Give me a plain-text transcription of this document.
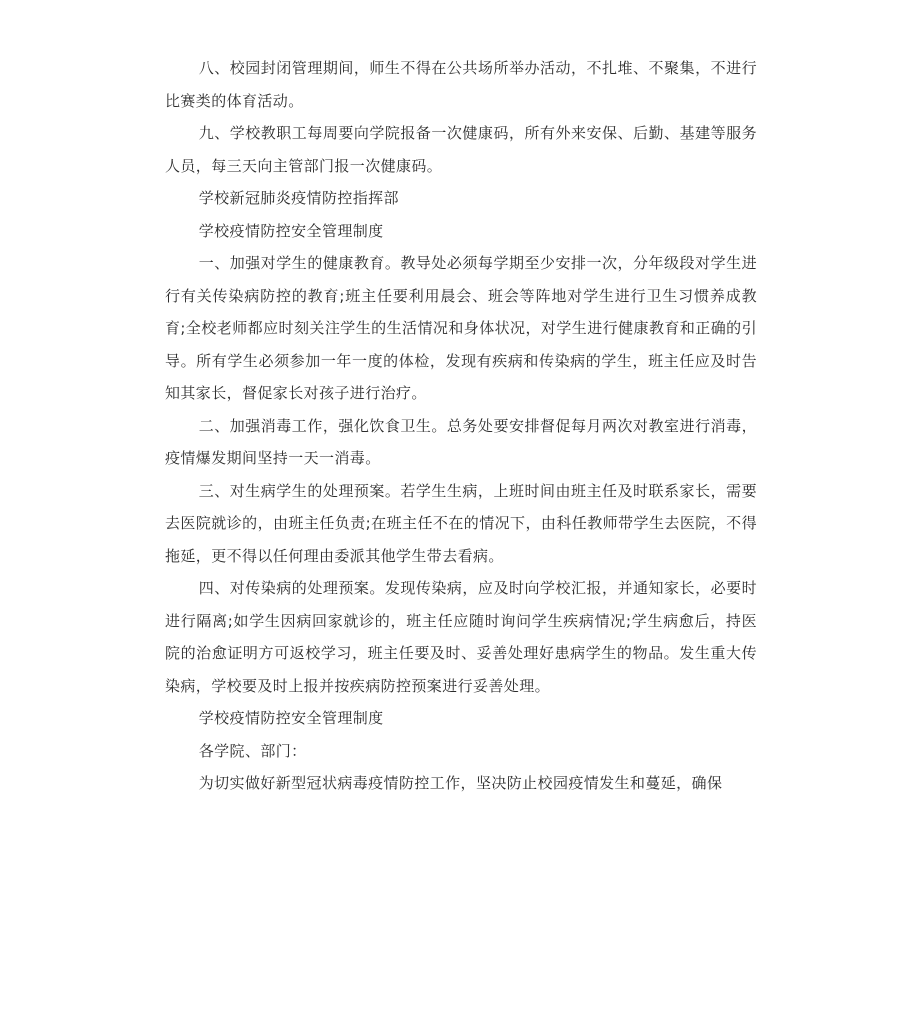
八、校园封闭管理期间，师生不得在公共场所举办活动，不扎堆、不聚集，不进行比赛类的体育活动。

九、学校教职工每周要向学院报备一次健康码，所有外来安保、后勤、基建等服务人员，每三天向主管部门报一次健康码。

学校新冠肺炎疫情防控指挥部

学校疫情防控安全管理制度

一、加强对学生的健康教育。教导处必须每学期至少安排一次，分年级段对学生进行有关传染病防控的教育;班主任要利用晨会、班会等阵地对学生进行卫生习惯养成教育;全校老师都应时刻关注学生的生活情况和身体状况，对学生进行健康教育和正确的引导。所有学生必须参加一年一度的体检，发现有疾病和传染病的学生，班主任应及时告知其家长，督促家长对孩子进行治疗。

二、加强消毒工作，强化饮食卫生。总务处要安排督促每月两次对教室进行消毒，疫情爆发期间坚持一天一消毒。

三、对生病学生的处理预案。若学生生病，上班时间由班主任及时联系家长，需要去医院就诊的，由班主任负责;在班主任不在的情况下，由科任教师带学生去医院，不得拖延，更不得以任何理由委派其他学生带去看病。

四、对传染病的处理预案。发现传染病，应及时向学校汇报，并通知家长，必要时进行隔离;如学生因病回家就诊的，班主任应随时询问学生疾病情况;学生病愈后，持医院的治愈证明方可返校学习，班主任要及时、妥善处理好患病学生的物品。发生重大传染病，学校要及时上报并按疾病防控预案进行妥善处理。

学校疫情防控安全管理制度

各学院、部门：

为切实做好新型冠状病毒疫情防控工作，坚决防止校园疫情发生和蔓延，确保
